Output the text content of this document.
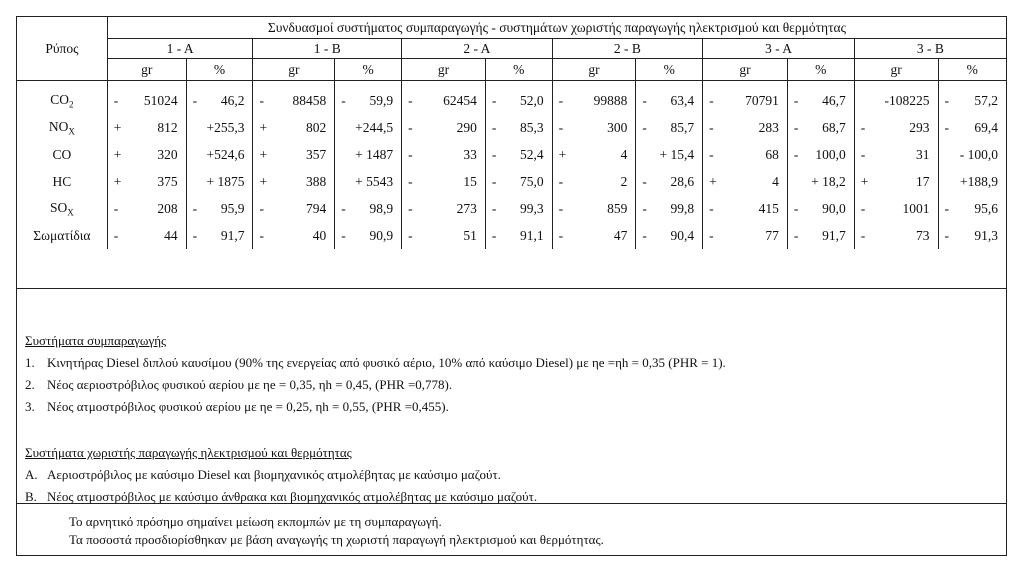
Ρύπος	Συνδυασμοί συστήματος συμπαραγωγής - συστημάτων χωριστής παραγωγής ηλεκτρισμού και θερμότητας											
	1 - A		1 - B		2 - A		2 - B		3 - A		3 - B	
	gr	%	gr	%	gr	%	gr	%	gr	%	gr	%
$CO_2$	- 51024	- 46,2	- 88458	- 59,9	- 62454	- 52,0	- 99888	- 63,4	- 70791	- 46,7	-108225	- 57,2

$NO_X$	+ 812	+255,3	+ 802	+244,5	- 290	- 85,3	- 300	- 85,7	- 283	- 68,7	- 293	- 69,4

CO	+ 320	+524,6	+ 357	+ 1487	- 33	- 52,4	+ 4	+ 15,4	- 68	- 100,0	- 31	- 100,0

HC	+ 375	+ 1875	+ 388	+ 5543	- 15	- 75,0	- 2	- 28,6	+ 4	+ 18,2	+ 17	+188,9

$SO_X$	- 208	- 95,9	- 794	- 98,9	- 273	- 99,3	- 859	- 99,8	- 415	- 90,0	- 1001	- 95,6

Σωματίδια	- 44	- 91,7	- 40	- 90,9	- 51	- 91,1	- 47	- 90,4	- 77	- 91,7	- 73	- 91,3
Συστήματα συμπαραγωγής
1. Κινητήρας Diesel διπλού καυσίμου (90% της ενεργείας από φυσικό αέριο, 10% από καύσιμο Diesel) με ηe =ηh = 0,35 (PHR = 1).
2. Νέος αεριοστρόβιλος φυσικού αερίου με ηe = 0,35, ηh = 0,45, (PHR =0,778).
3. Νέος ατμοστρόβιλος φυσικού αερίου με ηe = 0,25, ηh = 0,55, (PHR =0,455).
Συστήματα χωριστής παραγωγής ηλεκτρισμού και θερμότητας
A. Αεριοστρόβιλος με καύσιμο Diesel και βιομηχανικός ατμολέβητας με καύσιμο μαζούτ.
B. Νέος ατμοστρόβιλος με καύσιμο άνθρακα και βιομηχανικός ατμολέβητας με καύσιμο μαζούτ.
Το αρνητικό πρόσημο σημαίνει μείωση εκπομπών με τη συμπαραγωγή.
Τα ποσοστά προσδιορίσθηκαν με βάση αναγωγής τη χωριστή παραγωγή ηλεκτρισμού και θερμότητας.
